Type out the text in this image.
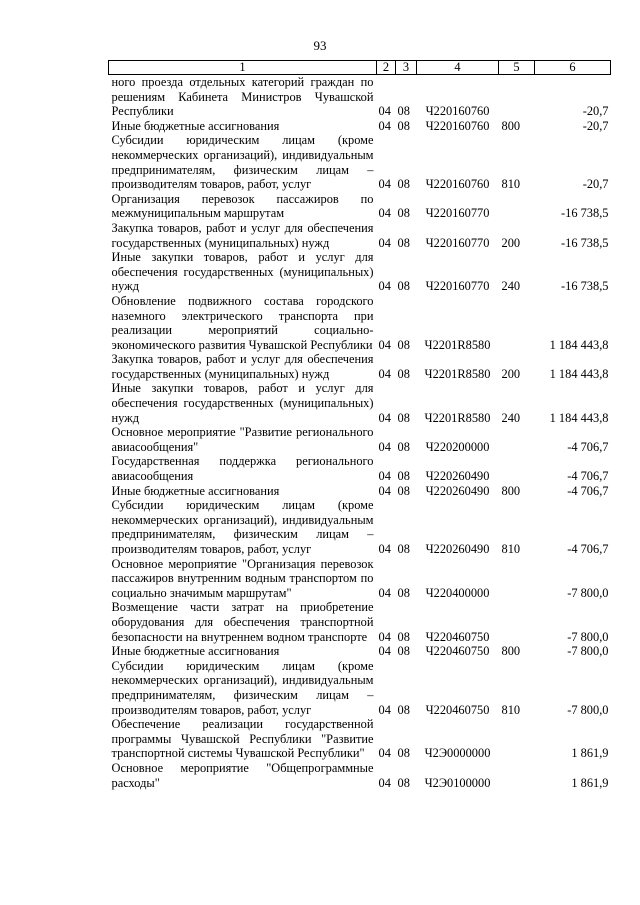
93
1	2	3	4	5	6
ного проезда отдельных категорий граждан по решениям Кабинета Министров Чувашской Республики	04	08	Ч220160760		-20,7
Иные бюджетные ассигнования	04	08	Ч220160760	800	-20,7
Субсидии юридическим лицам (кроме некоммерческих организаций), индивидуальным предпринимателям, физическим лицам – производителям товаров, работ, услуг	04	08	Ч220160760	810	-20,7
Организация перевозок пассажиров по межмуниципальным маршрутам	04	08	Ч220160770		-16 738,5
Закупка товаров, работ и услуг для обеспечения государственных (муниципальных) нужд	04	08	Ч220160770	200	-16 738,5
Иные закупки товаров, работ и услуг для обеспечения государственных (муниципальных) нужд	04	08	Ч220160770	240	-16 738,5
Обновление подвижного состава городского наземного электрического транспорта при реализации мероприятий социально-экономического развития Чувашской Республики	04	08	Ч2201R8580		1 184 443,8
Закупка товаров, работ и услуг для обеспечения государственных (муниципальных) нужд	04	08	Ч2201R8580	200	1 184 443,8
Иные закупки товаров, работ и услуг для обеспечения государственных (муниципальных) нужд	04	08	Ч2201R8580	240	1 184 443,8
Основное мероприятие "Развитие регионального авиасообщения"	04	08	Ч220200000		-4 706,7
Государственная поддержка регионального авиасообщения	04	08	Ч220260490		-4 706,7
Иные бюджетные ассигнования	04	08	Ч220260490	800	-4 706,7
Субсидии юридическим лицам (кроме некоммерческих организаций), индивидуальным предпринимателям, физическим лицам – производителям товаров, работ, услуг	04	08	Ч220260490	810	-4 706,7
Основное мероприятие "Организация перевозок пассажиров внутренним водным транспортом по социально значимым маршрутам"	04	08	Ч220400000		-7 800,0
Возмещение части затрат на приобретение оборудования для обеспечения транспортной безопасности на внутреннем водном транспорте	04	08	Ч220460750		-7 800,0
Иные бюджетные ассигнования	04	08	Ч220460750	800	-7 800,0
Субсидии юридическим лицам (кроме некоммерческих организаций), индивидуальным предпринимателям, физическим лицам – производителям товаров, работ, услуг	04	08	Ч220460750	810	-7 800,0
Обеспечение реализации государственной программы Чувашской Республики "Развитие транспортной системы Чувашской Республики"	04	08	Ч2Э0000000		1 861,9
Основное мероприятие "Общепрограммные расходы"	04	08	Ч2Э0100000		1 861,9
